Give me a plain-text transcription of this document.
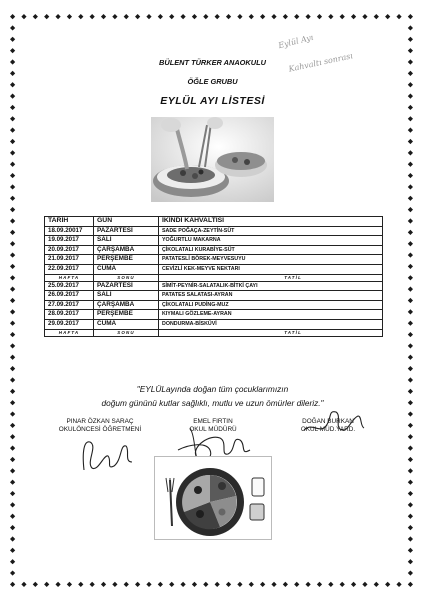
Eylül Ayı
Kahvaltı sonrası
BÜLENT TÜRKER ANAOKULU
ÖĞLE GRUBU
EYLÜL AYI LİSTESİ
TARİH	GÜN	İKİNDİ KAHVALTISI
18.09.20017	PAZARTESİ	SADE POĞAÇA-ZEYTİN-SÜT
19.09.2017	SALI	YOĞURTLU MAKARNA
20.09.2017	ÇARŞAMBA	ÇİKOLATALI KURABİYE-SÜT
21.09.2017	PERŞEMBE	PATATESLİ BÖREK-MEYVESUYU
22.09.2017	CUMA	CEVİZLİ KEK-MEYVE NEKTARI
HAFTA	SONU	TATİL
25.09.2017	PAZARTESİ	SİMİT-PEYNİR-SALATALIK-BİTKİ ÇAYI
26.09.2017	SALI	PATATES SALATASI-AYRAN
27.09.2017	ÇARŞAMBA	ÇİKOLATALI PUDİNG-MUZ
28.09.2017	PERŞEMBE	KIYMALI GÖZLEME-AYRAN
29.09.2017	CUMA	DONDURMA-BİSKÜVİ
HAFTA	SONU	TATİL
"EYLÜLayında doğan tüm çocuklarımızın
doğum gününü kutlar sağlıklı, mutlu ve uzun ömürler dileriz."
PINAR ÖZKAN SARAÇ
OKULÖNCESİ ÖĞRETMENİ
EMEL FIRTIN
OKUL MÜDÜRÜ
DOĞAN BURKAN
OKUL MÜD.YARD.
